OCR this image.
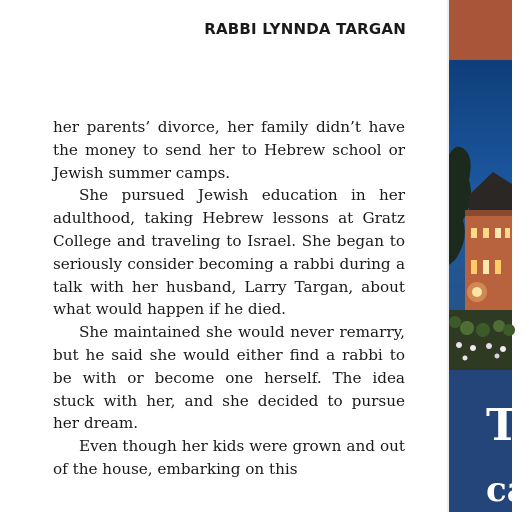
RABBI LYNNDA TARGAN

her parents’ divorce, her family didn’t have the money to send her to Hebrew school or Jewish summer camps.

She pursued Jewish education in her adulthood, taking Hebrew lessons at Gratz College and traveling to Israel. She began to seriously consider becoming a rabbi during a talk with her husband, Larry Targan, about what would happen if he died.

She maintained she would never remarry, but he said she would either find a rabbi to be with or become one herself. The idea stuck with her, and she decided to pursue her dream.

Even though her kids were grown and out of the house, embarking on this

T
ca
